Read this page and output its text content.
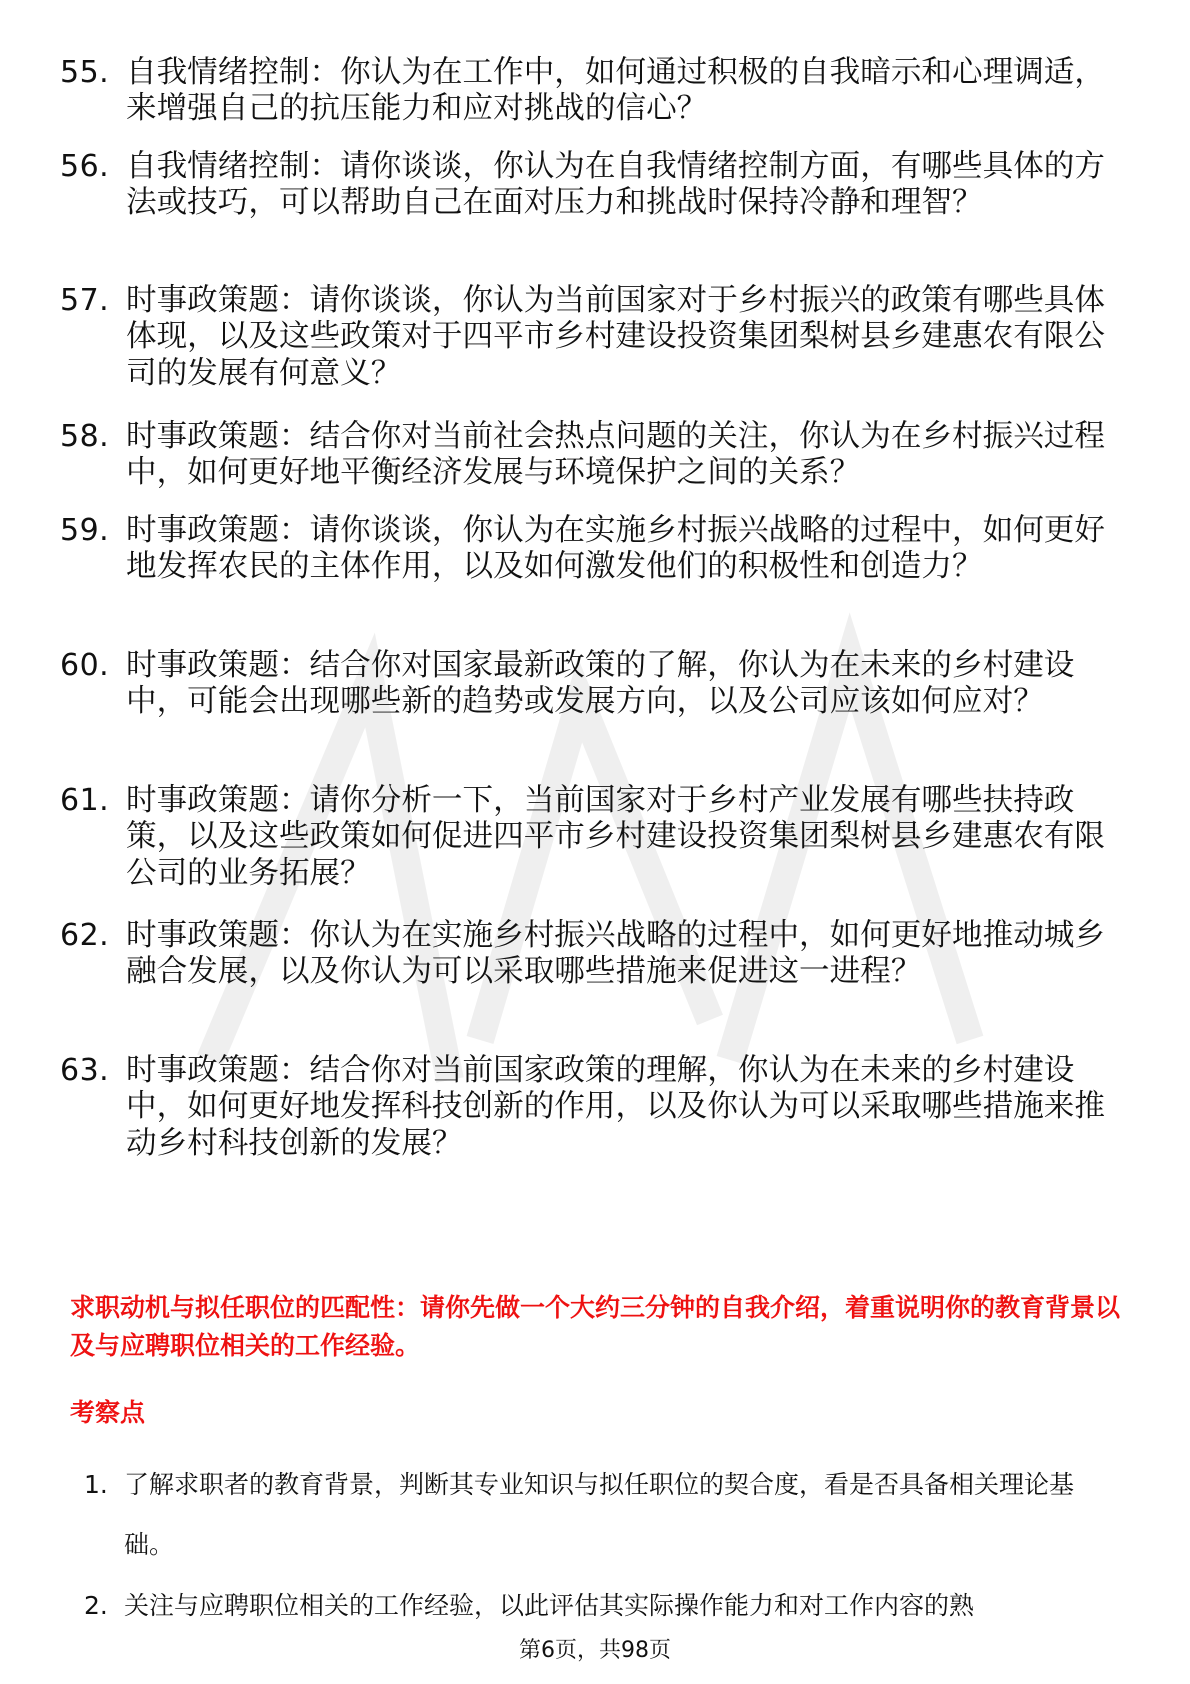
55. 自我情绪控制：你认为在工作中，如何通过积极的自我暗示和心理调适，来增强自己的抗压能力和应对挑战的信心？
56. 自我情绪控制：请你谈谈，你认为在自我情绪控制方面，有哪些具体的方法或技巧，可以帮助自己在面对压力和挑战时保持冷静和理智？
57. 时事政策题：请你谈谈，你认为当前国家对于乡村振兴的政策有哪些具体体现，以及这些政策对于四平市乡村建设投资集团梨树县乡建惠农有限公司的发展有何意义？
58. 时事政策题：结合你对当前社会热点问题的关注，你认为在乡村振兴过程中，如何更好地平衡经济发展与环境保护之间的关系？
59. 时事政策题：请你谈谈，你认为在实施乡村振兴战略的过程中，如何更好地发挥农民的主体作用，以及如何激发他们的积极性和创造力？
60. 时事政策题：结合你对国家最新政策的了解，你认为在未来的乡村建设中，可能会出现哪些新的趋势或发展方向，以及公司应该如何应对？
61. 时事政策题：请你分析一下，当前国家对于乡村产业发展有哪些扶持政策，以及这些政策如何促进四平市乡村建设投资集团梨树县乡建惠农有限公司的业务拓展？
62. 时事政策题：你认为在实施乡村振兴战略的过程中，如何更好地推动城乡融合发展，以及你认为可以采取哪些措施来促进这一进程？
63. 时事政策题：结合你对当前国家政策的理解，你认为在未来的乡村建设中，如何更好地发挥科技创新的作用，以及你认为可以采取哪些措施来推动乡村科技创新的发展？
求职动机与拟任职位的匹配性：请你先做一个大约三分钟的自我介绍，着重说明你的教育背景以及与应聘职位相关的工作经验。
考察点
1. 了解求职者的教育背景，判断其专业知识与拟任职位的契合度，看是否具备相关理论基础。
2. 关注与应聘职位相关的工作经验，以此评估其实际操作能力和对工作内容的熟
第6页，共98页
